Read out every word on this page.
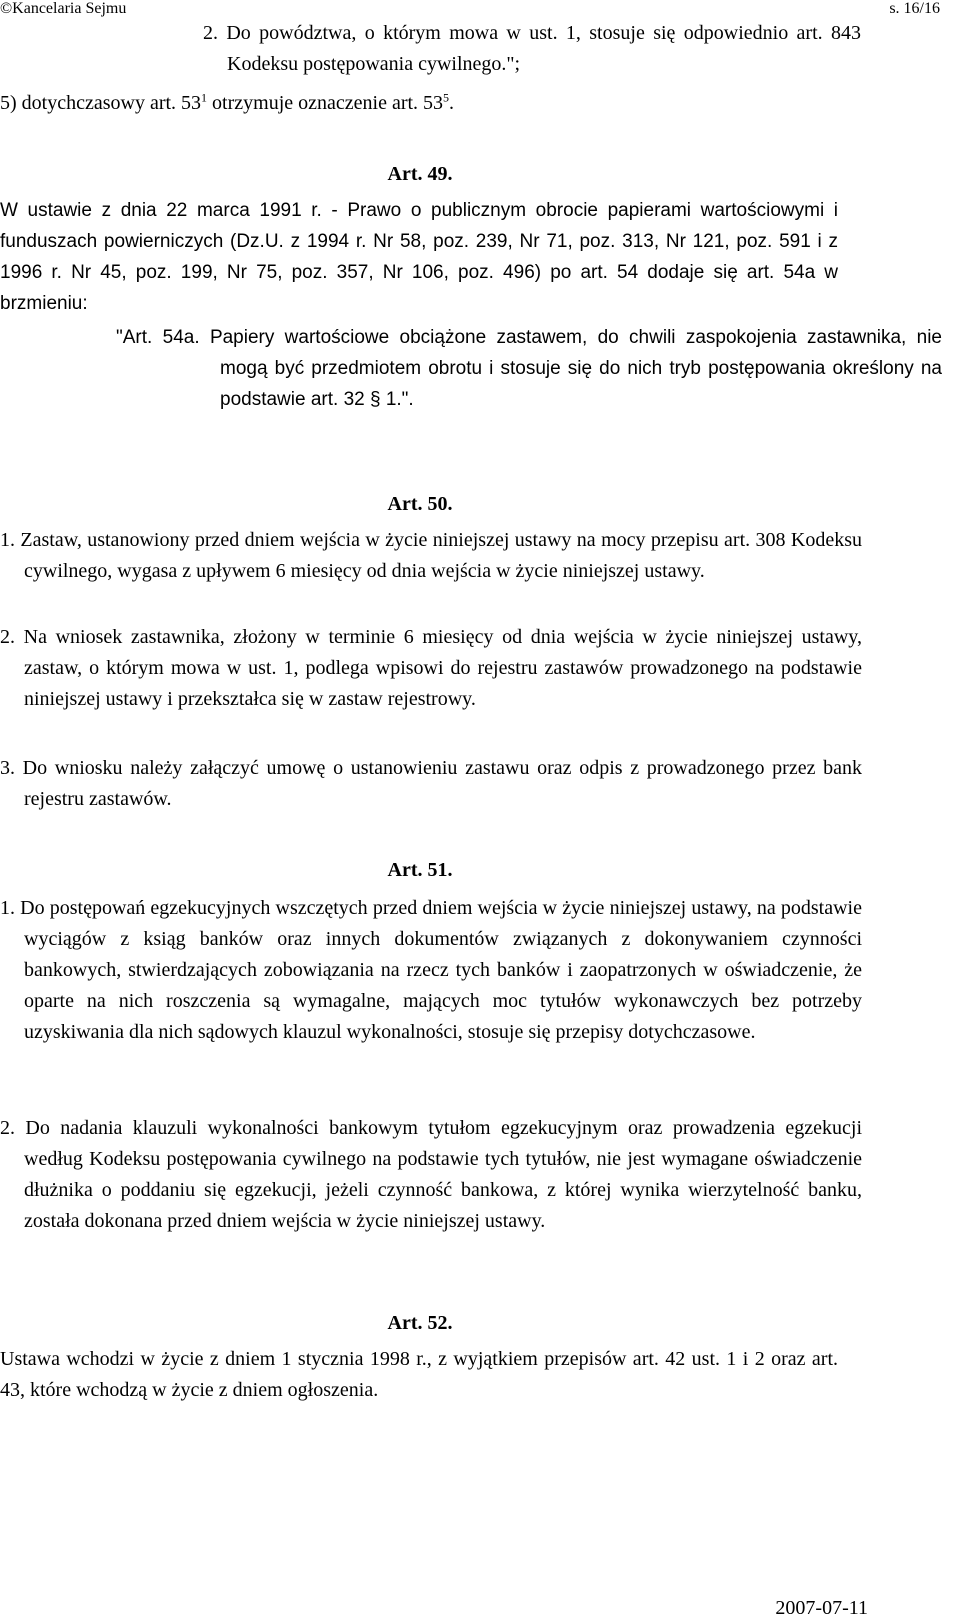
©Kancelaria Sejmu	s. 16/16
2. Do powództwa, o którym mowa w ust. 1, stosuje się odpowiednio art. 843 Kodeksu postępowania cywilnego.";
5) dotychczasowy art. $53^1$ otrzymuje oznaczenie art. $53^5$.
Art. 49.
W ustawie z dnia 22 marca 1991 r. - Prawo o publicznym obrocie papierami wartościowymi i funduszach powierniczych (Dz.U. z 1994 r. Nr 58, poz. 239, Nr 71, poz. 313, Nr 121, poz. 591 i z 1996 r. Nr 45, poz. 199, Nr 75, poz. 357, Nr 106, poz. 496) po art. 54 dodaje się art. 54a w brzmieniu:
"Art. 54a. Papiery wartościowe obciążone zastawem, do chwili zaspokojenia zastawnika, nie mogą być przedmiotem obrotu i stosuje się do nich tryb postępowania określony na podstawie art. 32 § 1.".
Art. 50.
1. Zastaw, ustanowiony przed dniem wejścia w życie niniejszej ustawy na mocy przepisu art. 308 Kodeksu cywilnego, wygasa z upływem 6 miesięcy od dnia wejścia w życie niniejszej ustawy.
2. Na wniosek zastawnika, złożony w terminie 6 miesięcy od dnia wejścia w życie niniejszej ustawy, zastaw, o którym mowa w ust. 1, podlega wpisowi do rejestru zastawów prowadzonego na podstawie niniejszej ustawy i przekształca się w zastaw rejestrowy.
3. Do wniosku należy załączyć umowę o ustanowieniu zastawu oraz odpis z prowadzonego przez bank rejestru zastawów.
Art. 51.
1. Do postępowań egzekucyjnych wszczętych przed dniem wejścia w życie niniejszej ustawy, na podstawie wyciągów z ksiąg banków oraz innych dokumentów związanych z dokonywaniem czynności bankowych, stwierdzających zobowiązania na rzecz tych banków i zaopatrzonych w oświadczenie, że oparte na nich roszczenia są wymagalne, mających moc tytułów wykonawczych bez potrzeby uzyskiwania dla nich sądowych klauzul wykonalności, stosuje się przepisy dotychczasowe.
2. Do nadania klauzuli wykonalności bankowym tytułom egzekucyjnym oraz prowadzenia egzekucji według Kodeksu postępowania cywilnego na podstawie tych tytułów, nie jest wymagane oświadczenie dłużnika o poddaniu się egzekucji, jeżeli czynność bankowa, z której wynika wierzytelność banku, została dokonana przed dniem wejścia w życie niniejszej ustawy.
Art. 52.
Ustawa wchodzi w życie z dniem 1 stycznia 1998 r., z wyjątkiem przepisów art. 42 ust. 1 i 2 oraz art. 43, które wchodzą w życie z dniem ogłoszenia.
2007-07-11
